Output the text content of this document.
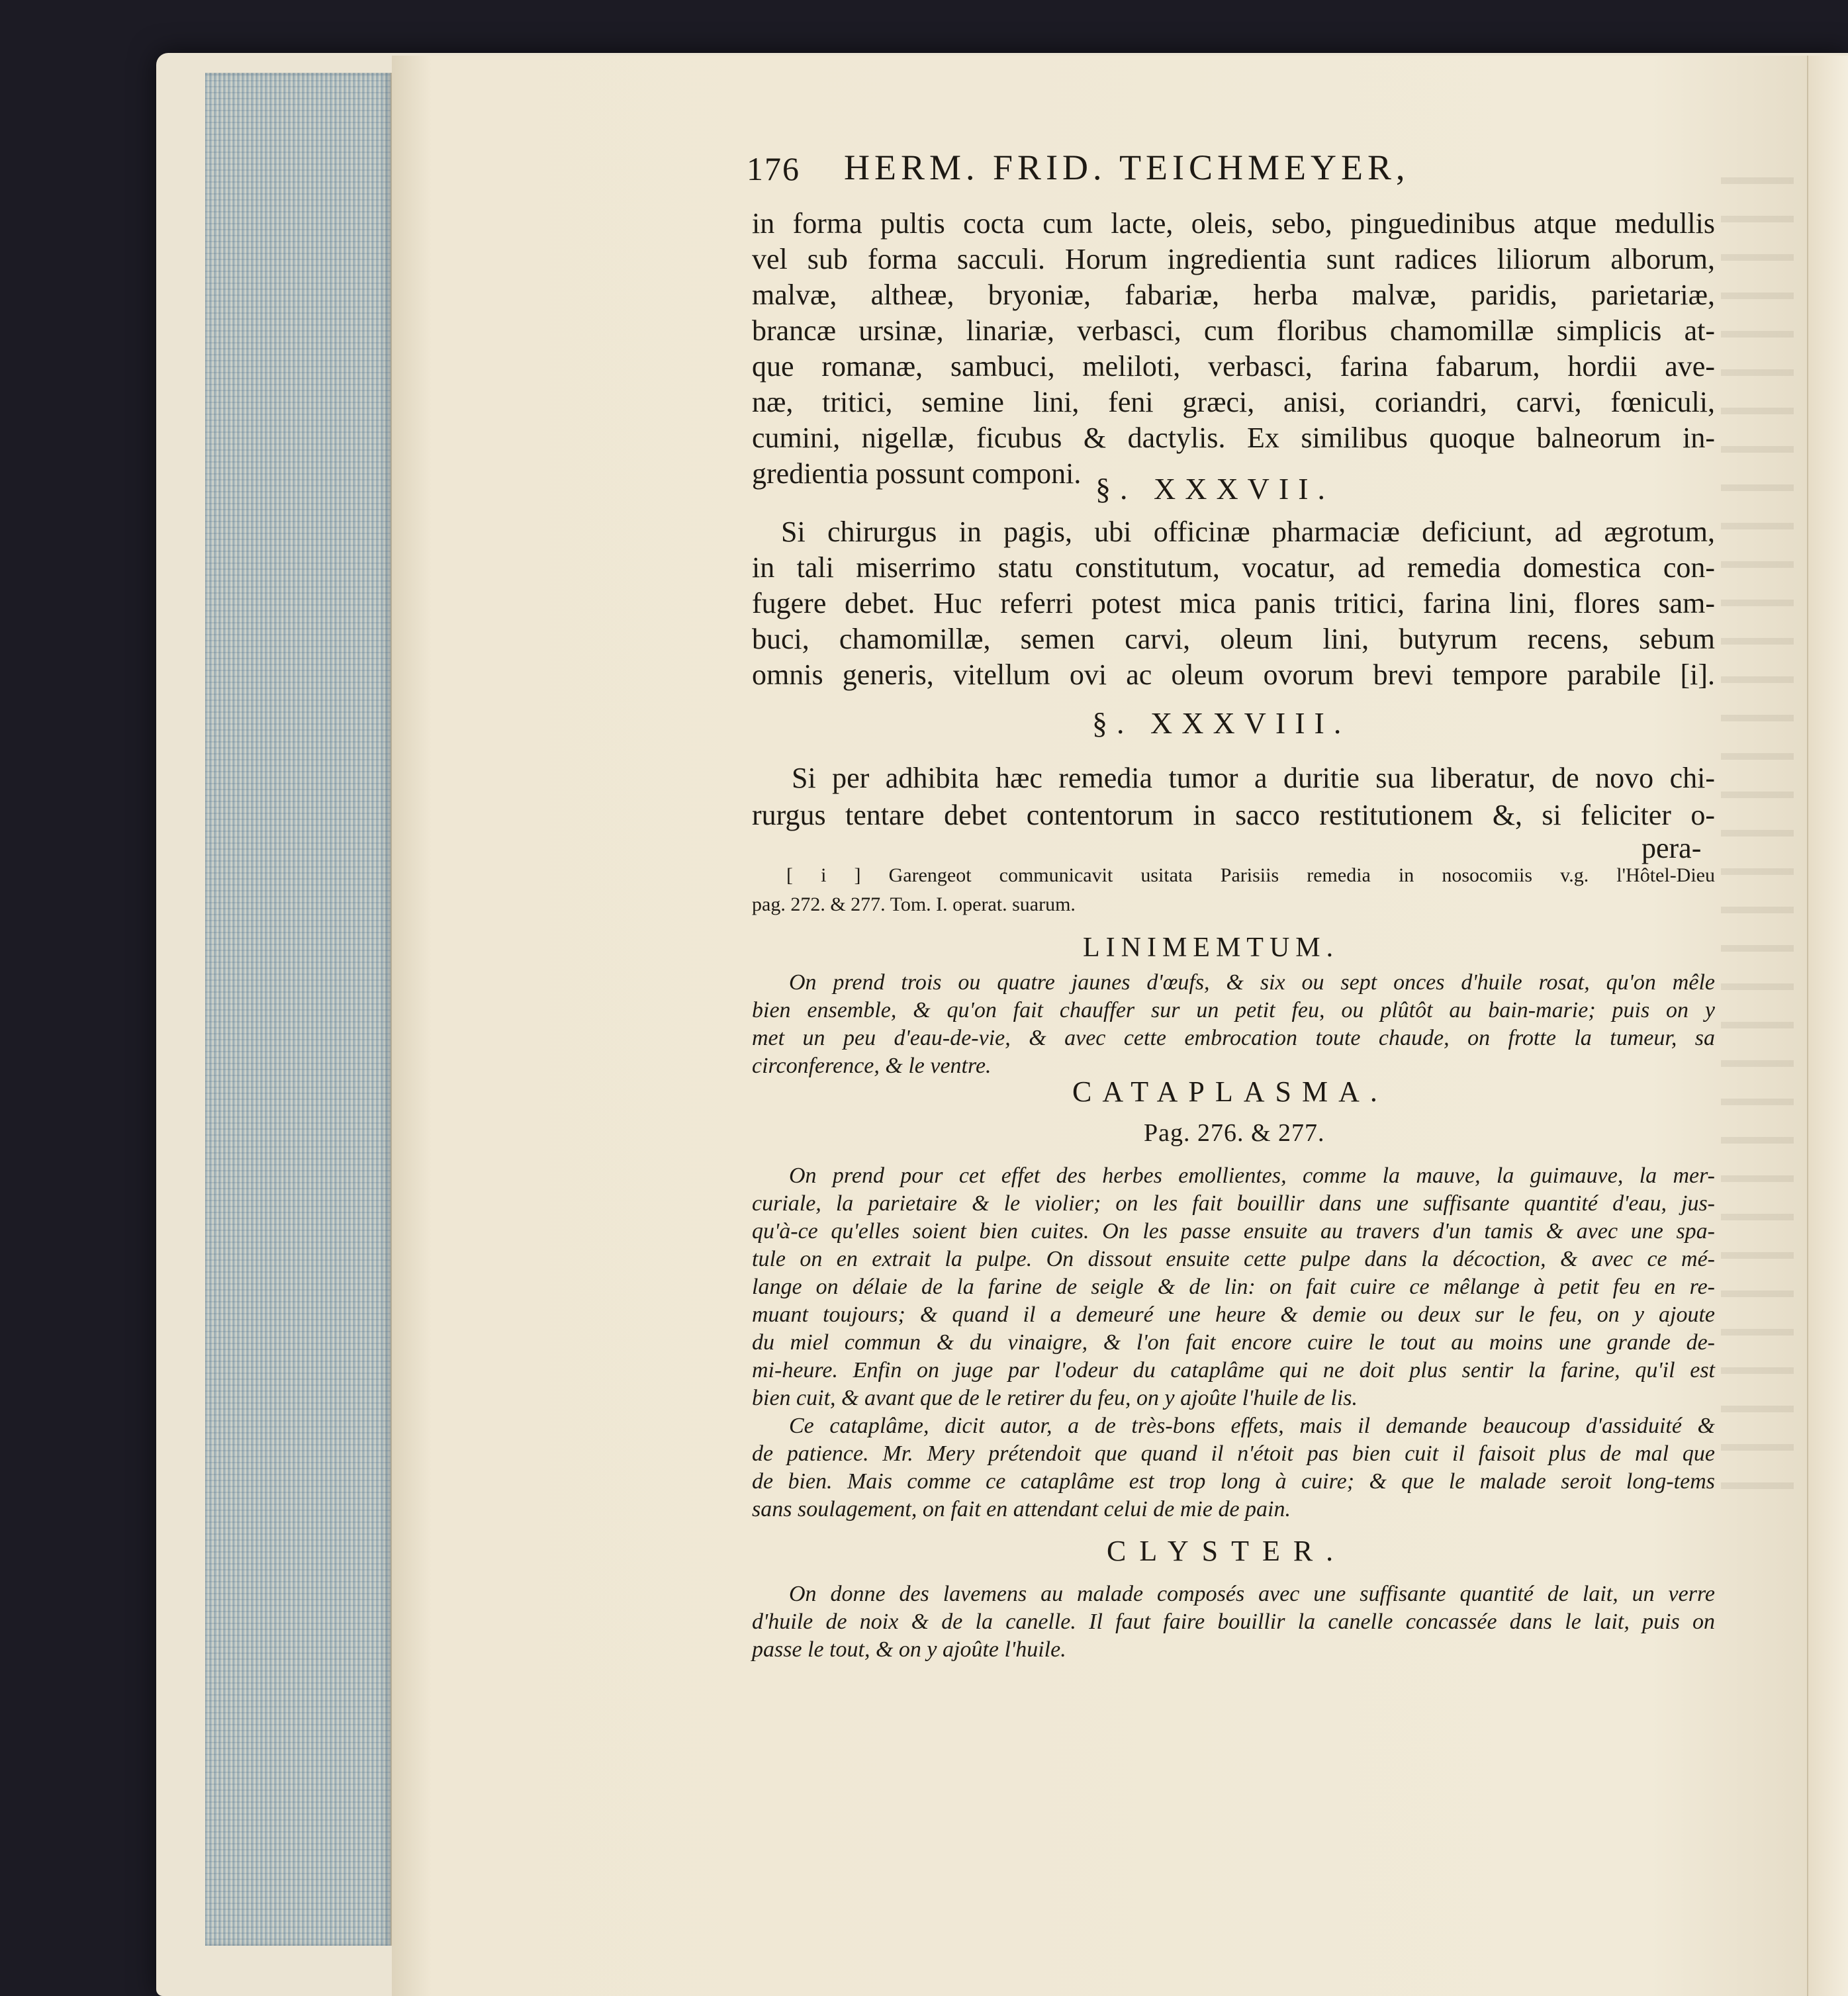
176 HERM. FRID. TEICHMEYER,
in forma pultis cocta cum lacte, oleis, sebo, pinguedinibus atque medullis
vel sub forma sacculi. Horum ingredientia sunt radices liliorum alborum,
malvæ, altheæ, bryoniæ, fabariæ, herba malvæ, paridis, parietariæ,
brancæ ursinæ, linariæ, verbasci, cum floribus chamomillæ simplicis at-
que romanæ, sambuci, meliloti, verbasci, farina fabarum, hordii ave-
næ, tritici, semine lini, feni græci, anisi, coriandri, carvi, fœniculi,
cumini, nigellæ, ficubus & dactylis. Ex similibus quoque balneorum in-
gredientia possunt componi. §. XXXVII.
Si chirurgus in pagis, ubi officinæ pharmaciæ deficiunt, ad ægrotum,
in tali miserrimo statu constitutum, vocatur, ad remedia domestica con-
fugere debet. Huc referri potest mica panis tritici, farina lini, flores sam-
buci, chamomillæ, semen carvi, oleum lini, butyrum recens, sebum
omnis generis, vitellum ovi ac oleum ovorum brevi tempore parabile [i].
§. XXXVIII.
Si per adhibita hæc remedia tumor a duritie sua liberatur, de novo chi-
rurgus tentare debet contentorum in sacco restitutionem &, si feliciter o-
pera-
[ i ] Garengeot communicavit usitata Parisiis remedia in nosocomiis v.g. l'Hôtel-Dieu
pag. 272. & 277. Tom. I. operat. suarum.
LINIMEMTUM.
On prend trois ou quatre jaunes d'œufs, & six ou sept onces d'huile rosat, qu'on mêle
bien ensemble, & qu'on fait chauffer sur un petit feu, ou plûtôt au bain-marie; puis on y
met un peu d'eau-de-vie, & avec cette embrocation toute chaude, on frotte la tumeur, sa
circonference, & le ventre.
CATAPLASMA.
Pag. 276. & 277.
On prend pour cet effet des herbes emollientes, comme la mauve, la guimauve, la mer-
curiale, la parietaire & le violier; on les fait bouillir dans une suffisante quantité d'eau, jus-
qu'à-ce qu'elles soient bien cuites. On les passe ensuite au travers d'un tamis & avec une spa-
tule on en extrait la pulpe. On dissout ensuite cette pulpe dans la décoction, & avec ce mé-
lange on délaie de la farine de seigle & de lin: on fait cuire ce mêlange à petit feu en re-
muant toujours; & quand il a demeuré une heure & demie ou deux sur le feu, on y ajoute
du miel commun & du vinaigre, & l'on fait encore cuire le tout au moins une grande de-
mi-heure. Enfin on juge par l'odeur du cataplâme qui ne doit plus sentir la farine, qu'il est
bien cuit, & avant que de le retirer du feu, on y ajoûte l'huile de lis.
Ce cataplâme, dicit autor, a de très-bons effets, mais il demande beaucoup d'assiduité &
de patience. Mr. Mery prétendoit que quand il n'étoit pas bien cuit il faisoit plus de mal que
de bien. Mais comme ce cataplâme est trop long à cuire; & que le malade seroit long-tems
sans soulagement, on fait en attendant celui de mie de pain.
CLYSTER.
On donne des lavemens au malade composés avec une suffisante quantité de lait, un verre
d'huile de noix & de la canelle. Il faut faire bouillir la canelle concassée dans le lait, puis on
passe le tout, & on y ajoûte l'huile.
